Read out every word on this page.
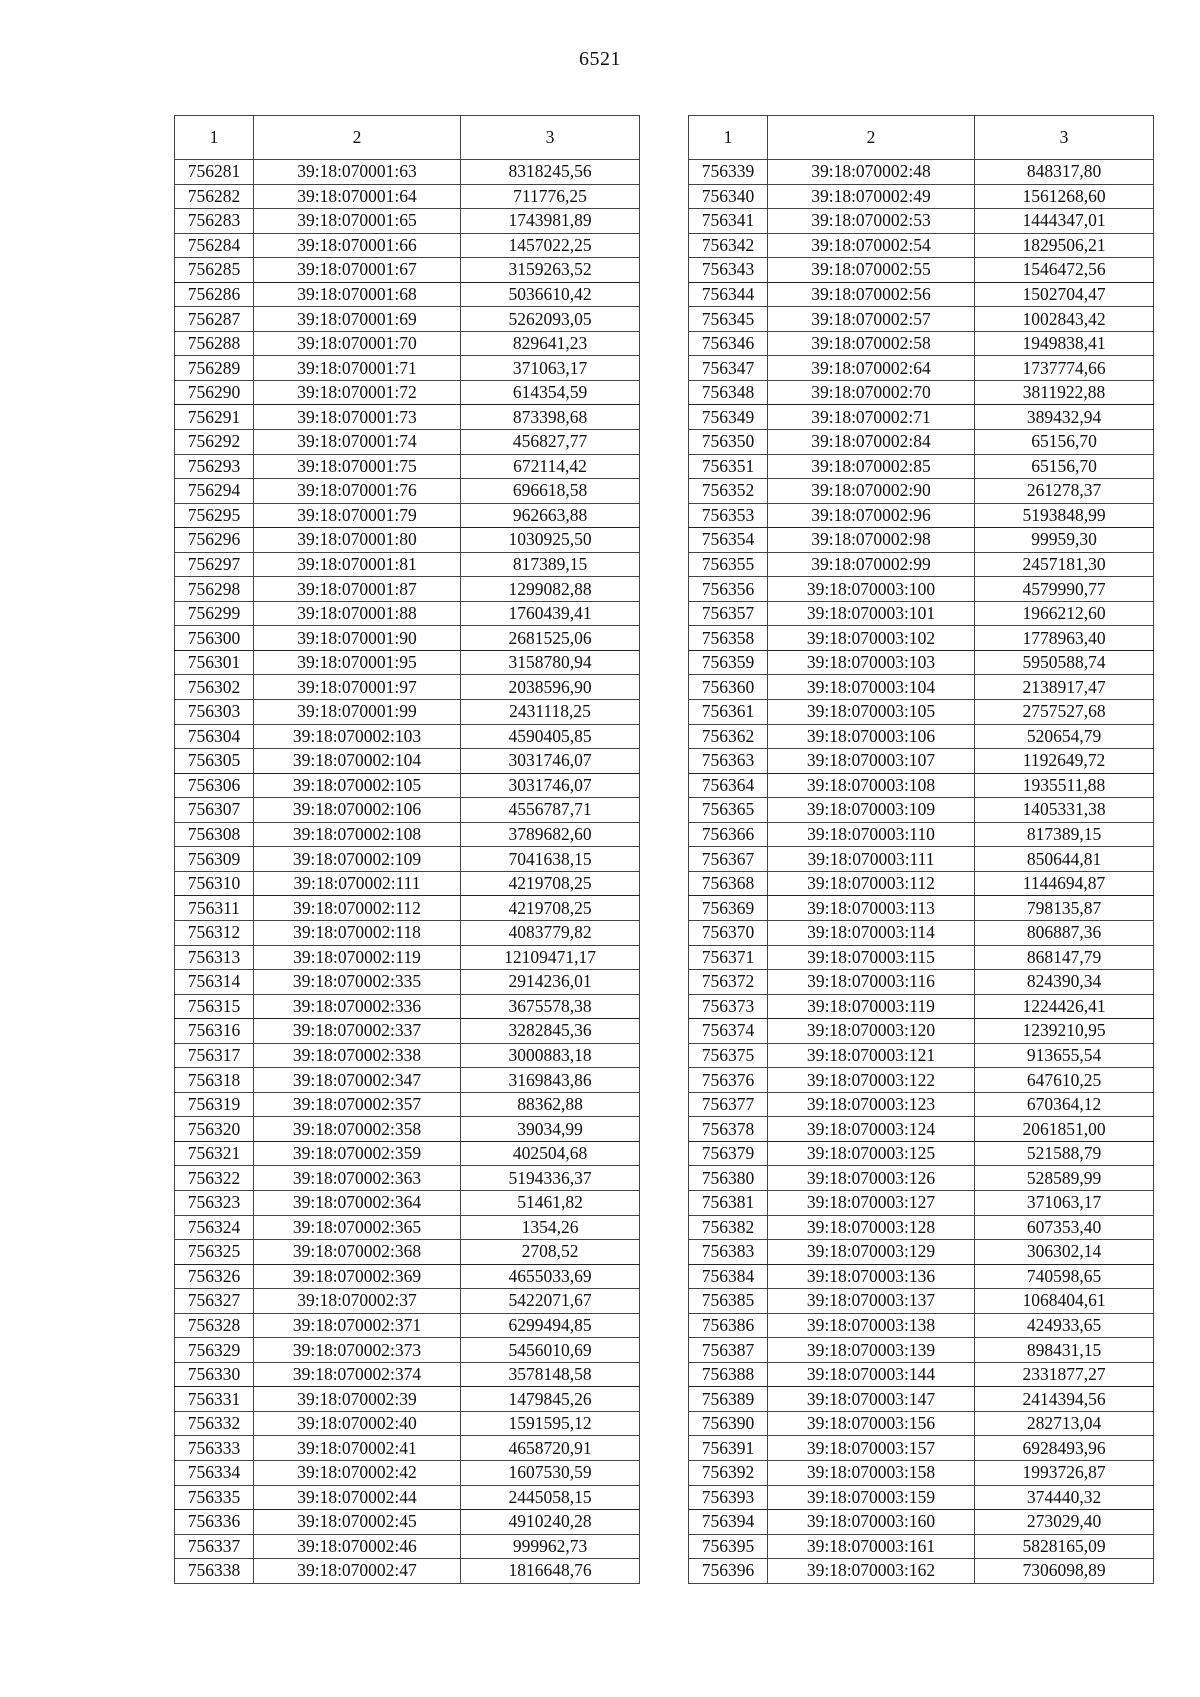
6521
1	2	3
756281	39:18:070001:63	8318245,56
756282	39:18:070001:64	711776,25
756283	39:18:070001:65	1743981,89
756284	39:18:070001:66	1457022,25
756285	39:18:070001:67	3159263,52
756286	39:18:070001:68	5036610,42
756287	39:18:070001:69	5262093,05
756288	39:18:070001:70	829641,23
756289	39:18:070001:71	371063,17
756290	39:18:070001:72	614354,59
756291	39:18:070001:73	873398,68
756292	39:18:070001:74	456827,77
756293	39:18:070001:75	672114,42
756294	39:18:070001:76	696618,58
756295	39:18:070001:79	962663,88
756296	39:18:070001:80	1030925,50
756297	39:18:070001:81	817389,15
756298	39:18:070001:87	1299082,88
756299	39:18:070001:88	1760439,41
756300	39:18:070001:90	2681525,06
756301	39:18:070001:95	3158780,94
756302	39:18:070001:97	2038596,90
756303	39:18:070001:99	2431118,25
756304	39:18:070002:103	4590405,85
756305	39:18:070002:104	3031746,07
756306	39:18:070002:105	3031746,07
756307	39:18:070002:106	4556787,71
756308	39:18:070002:108	3789682,60
756309	39:18:070002:109	7041638,15
756310	39:18:070002:111	4219708,25
756311	39:18:070002:112	4219708,25
756312	39:18:070002:118	4083779,82
756313	39:18:070002:119	12109471,17
756314	39:18:070002:335	2914236,01
756315	39:18:070002:336	3675578,38
756316	39:18:070002:337	3282845,36
756317	39:18:070002:338	3000883,18
756318	39:18:070002:347	3169843,86
756319	39:18:070002:357	88362,88
756320	39:18:070002:358	39034,99
756321	39:18:070002:359	402504,68
756322	39:18:070002:363	5194336,37
756323	39:18:070002:364	51461,82
756324	39:18:070002:365	1354,26
756325	39:18:070002:368	2708,52
756326	39:18:070002:369	4655033,69
756327	39:18:070002:37	5422071,67
756328	39:18:070002:371	6299494,85
756329	39:18:070002:373	5456010,69
756330	39:18:070002:374	3578148,58
756331	39:18:070002:39	1479845,26
756332	39:18:070002:40	1591595,12
756333	39:18:070002:41	4658720,91
756334	39:18:070002:42	1607530,59
756335	39:18:070002:44	2445058,15
756336	39:18:070002:45	4910240,28
756337	39:18:070002:46	999962,73
756338	39:18:070002:47	1816648,76
1	2	3
756339	39:18:070002:48	848317,80
756340	39:18:070002:49	1561268,60
756341	39:18:070002:53	1444347,01
756342	39:18:070002:54	1829506,21
756343	39:18:070002:55	1546472,56
756344	39:18:070002:56	1502704,47
756345	39:18:070002:57	1002843,42
756346	39:18:070002:58	1949838,41
756347	39:18:070002:64	1737774,66
756348	39:18:070002:70	3811922,88
756349	39:18:070002:71	389432,94
756350	39:18:070002:84	65156,70
756351	39:18:070002:85	65156,70
756352	39:18:070002:90	261278,37
756353	39:18:070002:96	5193848,99
756354	39:18:070002:98	99959,30
756355	39:18:070002:99	2457181,30
756356	39:18:070003:100	4579990,77
756357	39:18:070003:101	1966212,60
756358	39:18:070003:102	1778963,40
756359	39:18:070003:103	5950588,74
756360	39:18:070003:104	2138917,47
756361	39:18:070003:105	2757527,68
756362	39:18:070003:106	520654,79
756363	39:18:070003:107	1192649,72
756364	39:18:070003:108	1935511,88
756365	39:18:070003:109	1405331,38
756366	39:18:070003:110	817389,15
756367	39:18:070003:111	850644,81
756368	39:18:070003:112	1144694,87
756369	39:18:070003:113	798135,87
756370	39:18:070003:114	806887,36
756371	39:18:070003:115	868147,79
756372	39:18:070003:116	824390,34
756373	39:18:070003:119	1224426,41
756374	39:18:070003:120	1239210,95
756375	39:18:070003:121	913655,54
756376	39:18:070003:122	647610,25
756377	39:18:070003:123	670364,12
756378	39:18:070003:124	2061851,00
756379	39:18:070003:125	521588,79
756380	39:18:070003:126	528589,99
756381	39:18:070003:127	371063,17
756382	39:18:070003:128	607353,40
756383	39:18:070003:129	306302,14
756384	39:18:070003:136	740598,65
756385	39:18:070003:137	1068404,61
756386	39:18:070003:138	424933,65
756387	39:18:070003:139	898431,15
756388	39:18:070003:144	2331877,27
756389	39:18:070003:147	2414394,56
756390	39:18:070003:156	282713,04
756391	39:18:070003:157	6928493,96
756392	39:18:070003:158	1993726,87
756393	39:18:070003:159	374440,32
756394	39:18:070003:160	273029,40
756395	39:18:070003:161	5828165,09
756396	39:18:070003:162	7306098,89
